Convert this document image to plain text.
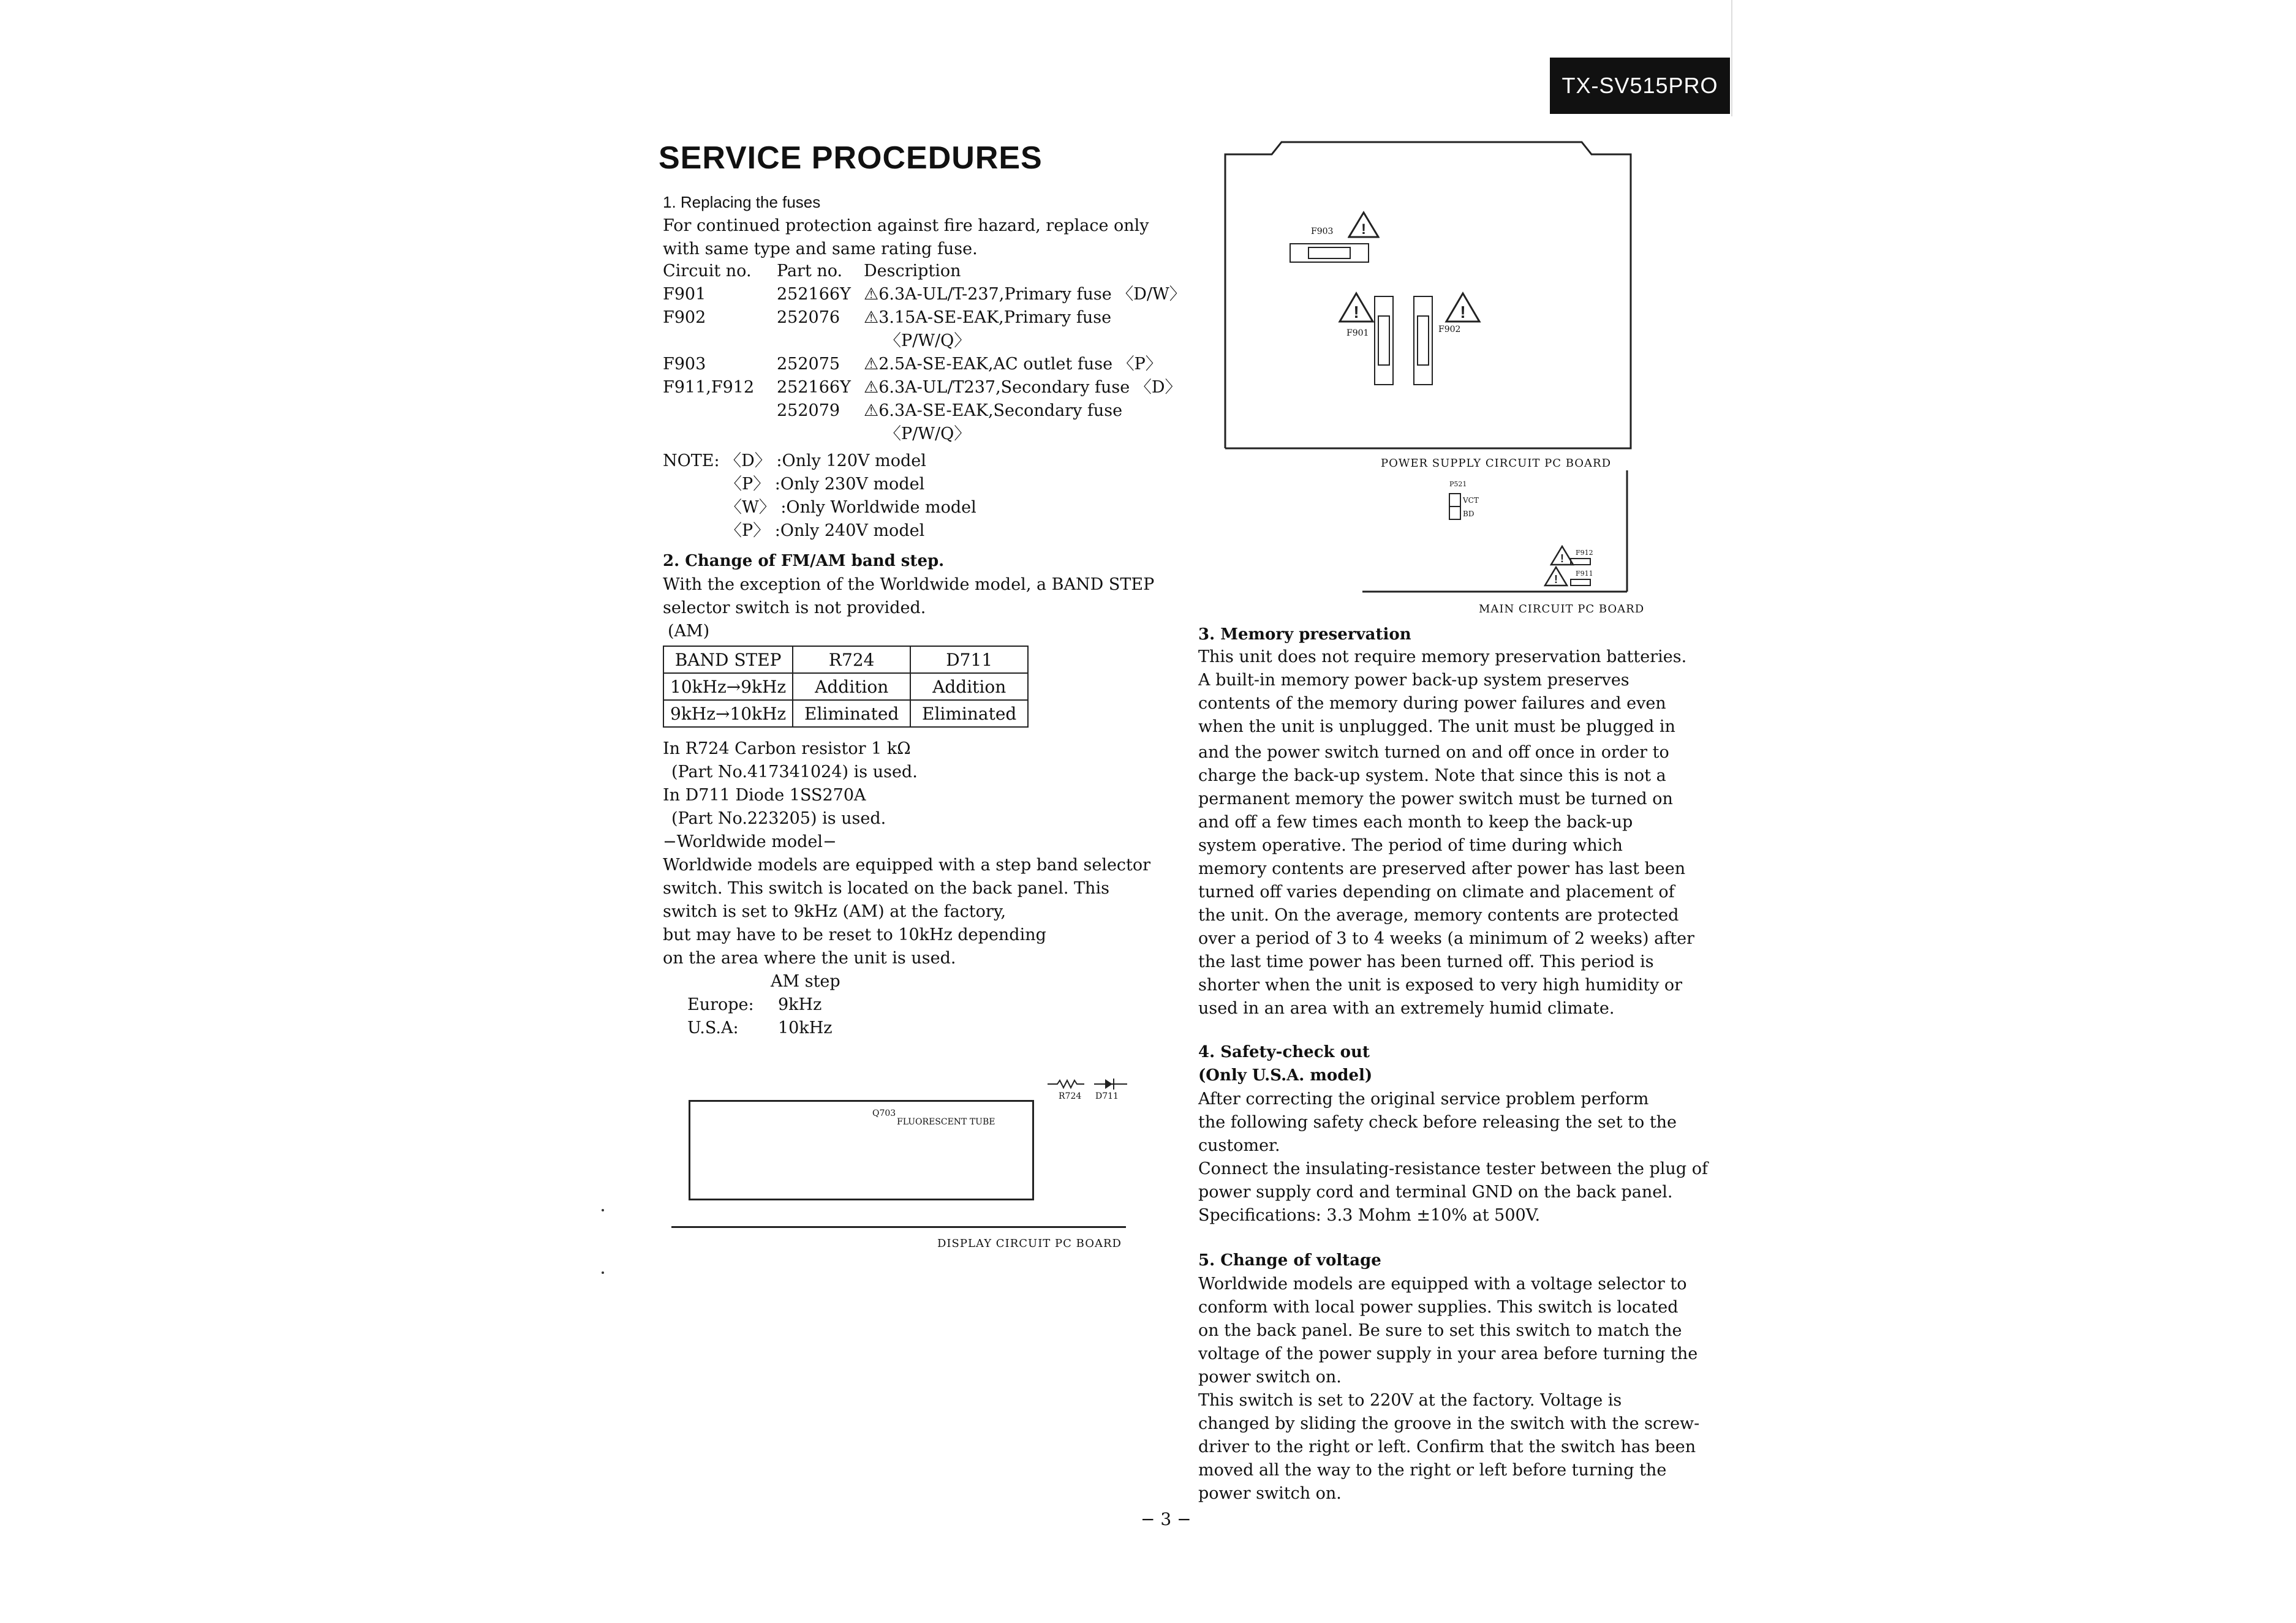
TX-SV515PRO
SERVICE PROCEDURES
1. Replacing the fuses
For continued protection against fire hazard, replace only
with same type and same rating fuse.
Circuit no. Part no. Description
F901	252166Y ⚠6.3A-UL/T-237,Primary fuse 〈D/W〉
F902	252076 ⚠3.15A-SE-EAK,Primary fuse
〈P/W/Q〉
F903	252075 ⚠2.5A-SE-EAK,AC outlet fuse 〈P〉
F911,F912 252166Y ⚠6.3A-UL/T237,Secondary fuse 〈D〉
252079 ⚠6.3A-SE-EAK,Secondary fuse
〈P/W/Q〉
NOTE: 〈D〉 :Only 120V model
〈P〉 :Only 230V model
〈W〉 :Only Worldwide model
〈P〉 :Only 240V model
2. Change of FM/AM band step.
With the exception of the Worldwide model, a BAND STEP
selector switch is not provided.
(AM)
BAND STEP	R724	D711
10kHz→9kHz	Addition	Addition
9kHz→10kHz	Eliminated	Eliminated
In R724 Carbon resistor 1 kΩ
(Part No.417341024) is used.
In D711 Diode 1SS270A
(Part No.223205) is used.
−Worldwide model−
Worldwide models are equipped with a step band selector
switch. This switch is located on the back panel. This
switch is set to 9kHz (AM) at the factory,
but may have to be reset to 10kHz depending
on the area where the unit is used.
AM step
Europe: 9kHz
U.S.A: 10kHz
Q703
FLUORESCENT TUBE
R724 D711
DISPLAY CIRCUIT PC BOARD
!
F903
!
F901
!
F902
POWER SUPPLY CIRCUIT PC BOARD
P521
VCT
BD
! F912
!	F911
MAIN CIRCUIT PC BOARD
3. Memory preservation
This unit does not require memory preservation batteries.
A built-in memory power back-up system preserves
contents of the memory during power failures and even
when the unit is unplugged. The unit must be plugged in
and the power switch turned on and off once in order to
charge the back-up system. Note that since this is not a
permanent memory the power switch must be turned on
and off a few times each month to keep the back-up
system operative. The period of time during which
memory contents are preserved after power has last been
turned off varies depending on climate and placement of
the unit. On the average, memory contents are protected
over a period of 3 to 4 weeks (a minimum of 2 weeks) after
the last time power has been turned off. This period is
shorter when the unit is exposed to very high humidity or
used in an area with an extremely humid climate.
4. Safety-check out
(Only U.S.A. model)
After correcting the original service problem perform
the following safety check before releasing the set to the
customer.
Connect the insulating-resistance tester between the plug of
power supply cord and terminal GND on the back panel.
Specifications: 3.3 Mohm ±10% at 500V.
5. Change of voltage
Worldwide models are equipped with a voltage selector to
conform with local power supplies. This switch is located
on the back panel. Be sure to set this switch to match the
voltage of the power supply in your area before turning the
power switch on.
This switch is set to 220V at the factory. Voltage is
changed by sliding the groove in the switch with the screw-
driver to the right or left. Confirm that the switch has been
moved all the way to the right or left before turning the
power switch on.
− 3 −
